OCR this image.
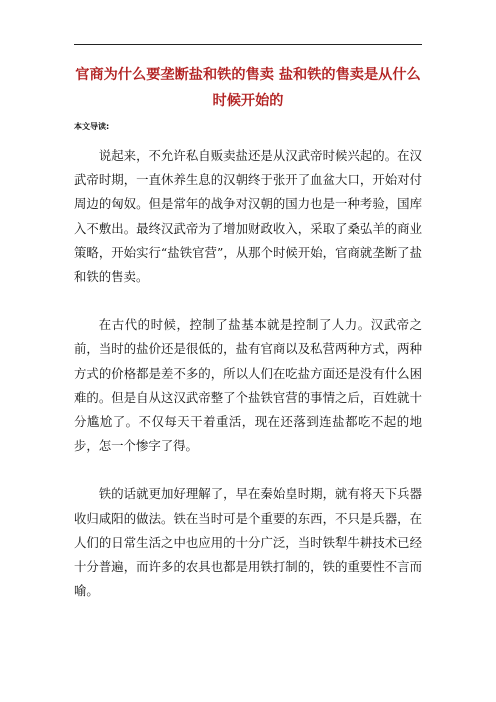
官商为什么要垄断盐和铁的售卖 盐和铁的售卖是从什么时候开始的
本文导读:

说起来，不允许私自贩卖盐还是从汉武帝时候兴起的。在汉武帝时期，一直休养生息的汉朝终于张开了血盆大口，开始对付周边的匈奴。但是常年的战争对汉朝的国力也是一种考验，国库入不敷出。最终汉武帝为了增加财政收入，采取了桑弘羊的商业策略，开始实行“盐铁官营”，从那个时候开始，官商就垄断了盐和铁的售卖。

在古代的时候，控制了盐基本就是控制了人力。汉武帝之前，当时的盐价还是很低的，盐有官商以及私营两种方式，两种方式的价格都是差不多的，所以人们在吃盐方面还是没有什么困难的。但是自从这汉武帝整了个盐铁官营的事情之后，百姓就十分尴尬了。不仅每天干着重活，现在还落到连盐都吃不起的地步，怎一个惨字了得。

铁的话就更加好理解了，早在秦始皇时期，就有将天下兵器收归咸阳的做法。铁在当时可是个重要的东西，不只是兵器，在人们的日常生活之中也应用的十分广泛，当时铁犁牛耕技术已经十分普遍，而许多的农具也都是用铁打制的，铁的重要性不言而喻。
